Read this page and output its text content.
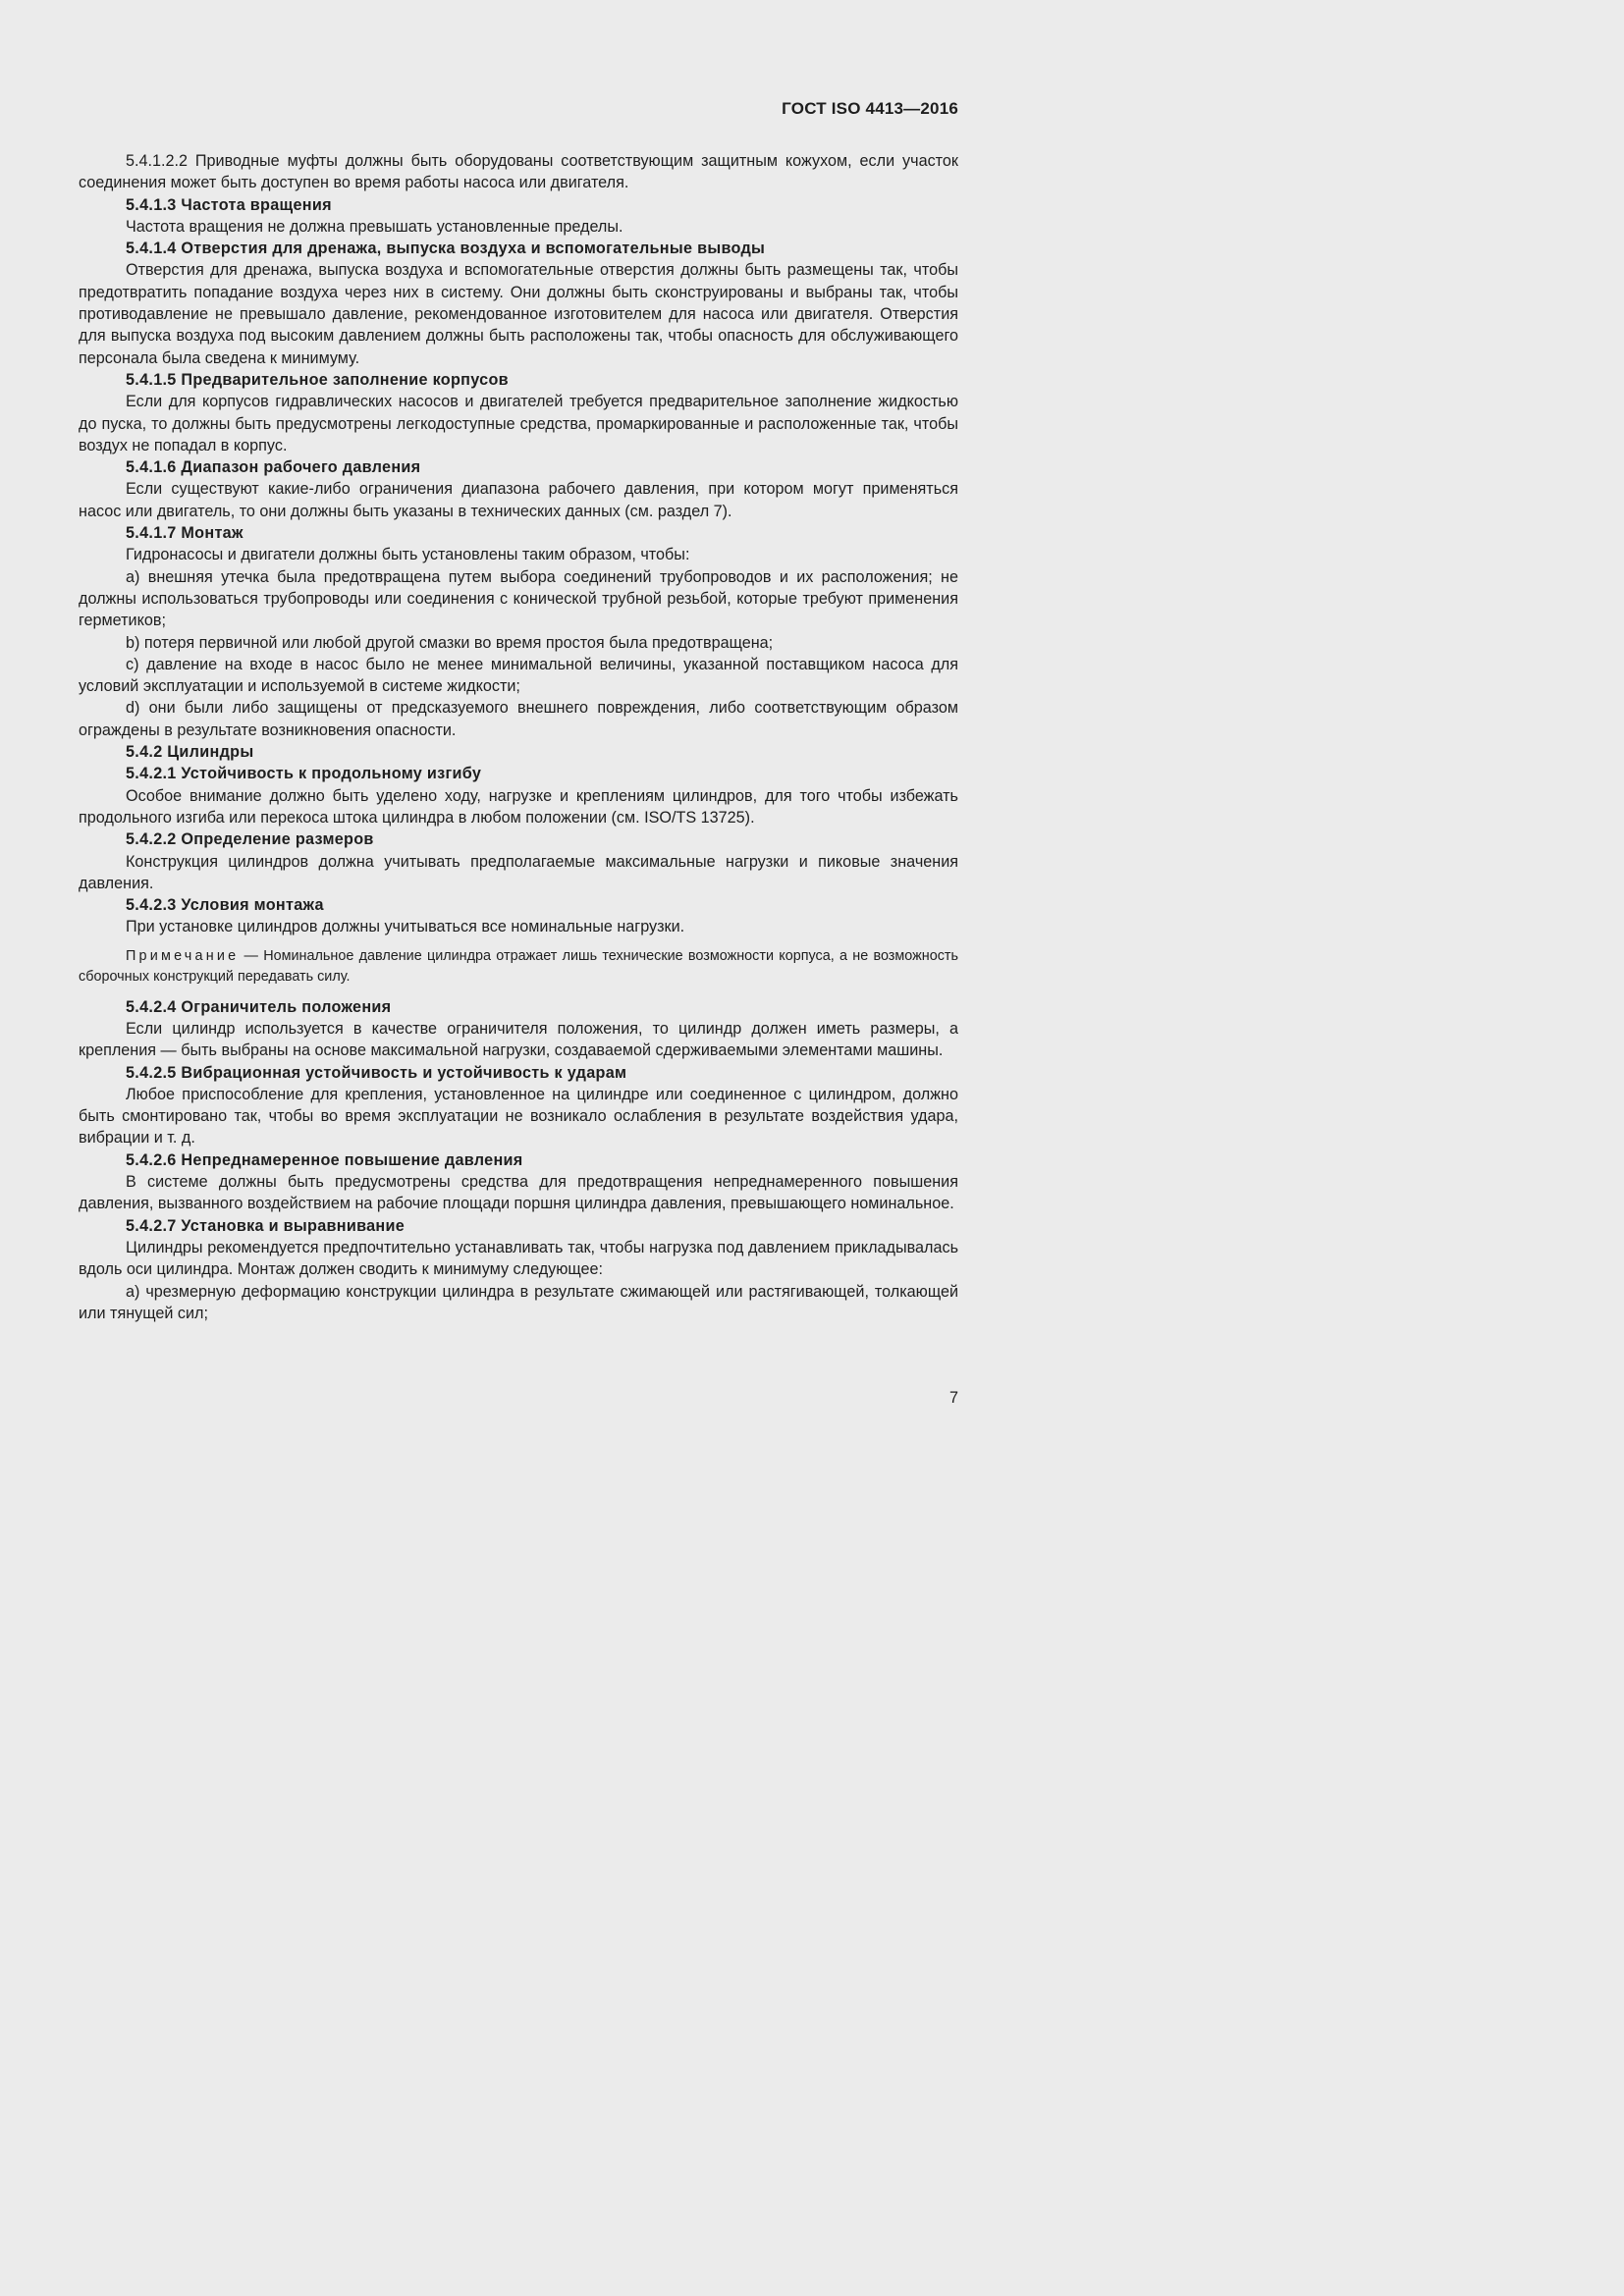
ГОСТ ISO 4413—2016

5.4.1.2.2 Приводные муфты должны быть оборудованы соответствующим защитным кожухом, если участок соединения может быть доступен во время работы насоса или двигателя.

5.4.1.3 Частота вращения

Частота вращения не должна превышать установленные пределы.

5.4.1.4 Отверстия для дренажа, выпуска воздуха и вспомогательные выводы

Отверстия для дренажа, выпуска воздуха и вспомогательные отверстия должны быть размещены так, чтобы предотвратить попадание воздуха через них в систему. Они должны быть сконструированы и выбраны так, чтобы противодавление не превышало давление, рекомендованное изготовителем для насоса или двигателя. Отверстия для выпуска воздуха под высоким давлением должны быть расположены так, чтобы опасность для обслуживающего персонала была сведена к минимуму.

5.4.1.5 Предварительное заполнение корпусов

Если для корпусов гидравлических насосов и двигателей требуется предварительное заполнение жидкостью до пуска, то должны быть предусмотрены легкодоступные средства, промаркированные и расположенные так, чтобы воздух не попадал в корпус.

5.4.1.6 Диапазон рабочего давления

Если существуют какие-либо ограничения диапазона рабочего давления, при котором могут применяться насос или двигатель, то они должны быть указаны в технических данных (см. раздел 7).

5.4.1.7 Монтаж

Гидронасосы и двигатели должны быть установлены таким образом, чтобы:

a) внешняя утечка была предотвращена путем выбора соединений трубопроводов и их расположения; не должны использоваться трубопроводы или соединения с конической трубной резьбой, которые требуют применения герметиков;

b) потеря первичной или любой другой смазки во время простоя была предотвращена;

c) давление на входе в насос было не менее минимальной величины, указанной поставщиком насоса для условий эксплуатации и используемой в системе жидкости;

d) они были либо защищены от предсказуемого внешнего повреждения, либо соответствующим образом ограждены в результате возникновения опасности.

5.4.2 Цилиндры

5.4.2.1 Устойчивость к продольному изгибу

Особое внимание должно быть уделено ходу, нагрузке и креплениям цилиндров, для того чтобы избежать продольного изгиба или перекоса штока цилиндра в любом положении (см. ISO/TS 13725).

5.4.2.2 Определение размеров

Конструкция цилиндров должна учитывать предполагаемые максимальные нагрузки и пиковые значения давления.

5.4.2.3 Условия монтажа

При установке цилиндров должны учитываться все номинальные нагрузки.

Примечание — Номинальное давление цилиндра отражает лишь технические возможности корпуса, а не возможность сборочных конструкций передавать силу.

5.4.2.4 Ограничитель положения

Если цилиндр используется в качестве ограничителя положения, то цилиндр должен иметь размеры, а крепления — быть выбраны на основе максимальной нагрузки, создаваемой сдерживаемыми элементами машины.

5.4.2.5 Вибрационная устойчивость и устойчивость к ударам

Любое приспособление для крепления, установленное на цилиндре или соединенное с цилиндром, должно быть смонтировано так, чтобы во время эксплуатации не возникало ослабления в результате воздействия удара, вибрации и т. д.

5.4.2.6 Непреднамеренное повышение давления

В системе должны быть предусмотрены средства для предотвращения непреднамеренного повышения давления, вызванного воздействием на рабочие площади поршня цилиндра давления, превышающего номинальное.

5.4.2.7 Установка и выравнивание

Цилиндры рекомендуется предпочтительно устанавливать так, чтобы нагрузка под давлением прикладывалась вдоль оси цилиндра. Монтаж должен сводить к минимуму следующее:

a) чрезмерную деформацию конструкции цилиндра в результате сжимающей или растягивающей, толкающей или тянущей сил;

7
